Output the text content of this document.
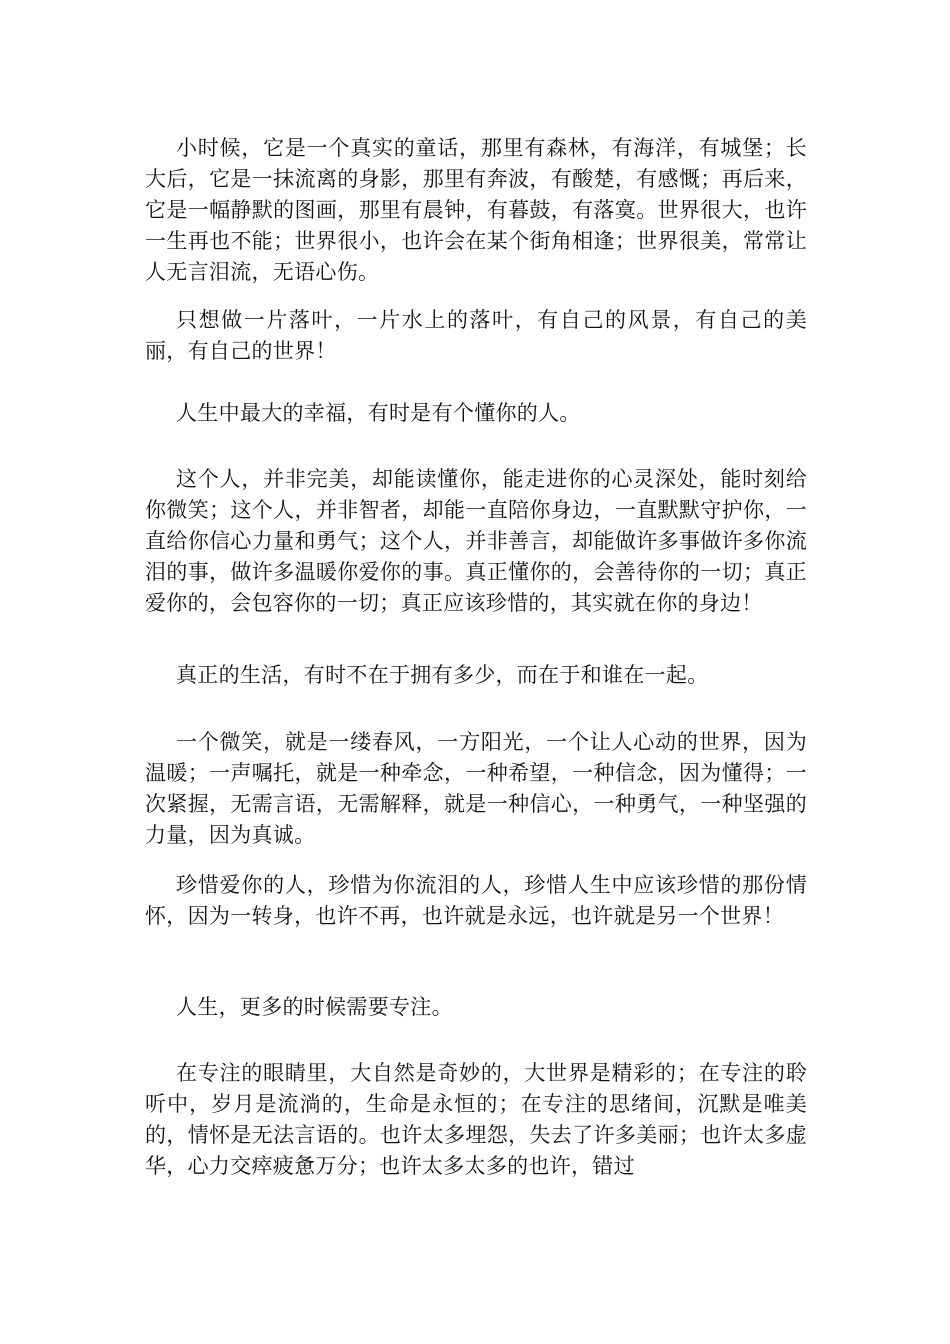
小时候，它是一个真实的童话，那里有森林，有海洋，有城堡；长大后，它是一抹流离的身影，那里有奔波，有酸楚，有感慨；再后来，它是一幅静默的图画，那里有晨钟，有暮鼓，有落寞。世界很大，也许一生再也不能；世界很小，也许会在某个街角相逢；世界很美，常常让人无言泪流，无语心伤。

只想做一片落叶，一片水上的落叶，有自己的风景，有自己的美丽，有自己的世界！

人生中最大的幸福，有时是有个懂你的人。

这个人，并非完美，却能读懂你，能走进你的心灵深处，能时刻给你微笑；这个人，并非智者，却能一直陪你身边，一直默默守护你，一直给你信心力量和勇气；这个人，并非善言，却能做许多事做许多你流泪的事，做许多温暖你爱你的事。真正懂你的，会善待你的一切；真正爱你的，会包容你的一切；真正应该珍惜的，其实就在你的身边！

真正的生活，有时不在于拥有多少，而在于和谁在一起。

一个微笑，就是一缕春风，一方阳光，一个让人心动的世界，因为温暖；一声嘱托，就是一种牵念，一种希望，一种信念，因为懂得；一次紧握，无需言语，无需解释，就是一种信心，一种勇气，一种坚强的力量，因为真诚。

珍惜爱你的人，珍惜为你流泪的人，珍惜人生中应该珍惜的那份情怀，因为一转身，也许不再，也许就是永远，也许就是另一个世界！

人生，更多的时候需要专注。

在专注的眼睛里，大自然是奇妙的，大世界是精彩的；在专注的聆听中，岁月是流淌的，生命是永恒的；在专注的思绪间，沉默是唯美的，情怀是无法言语的。也许太多埋怨，失去了许多美丽；也许太多虚华，心力交瘁疲惫万分；也许太多太多的也许，错过
